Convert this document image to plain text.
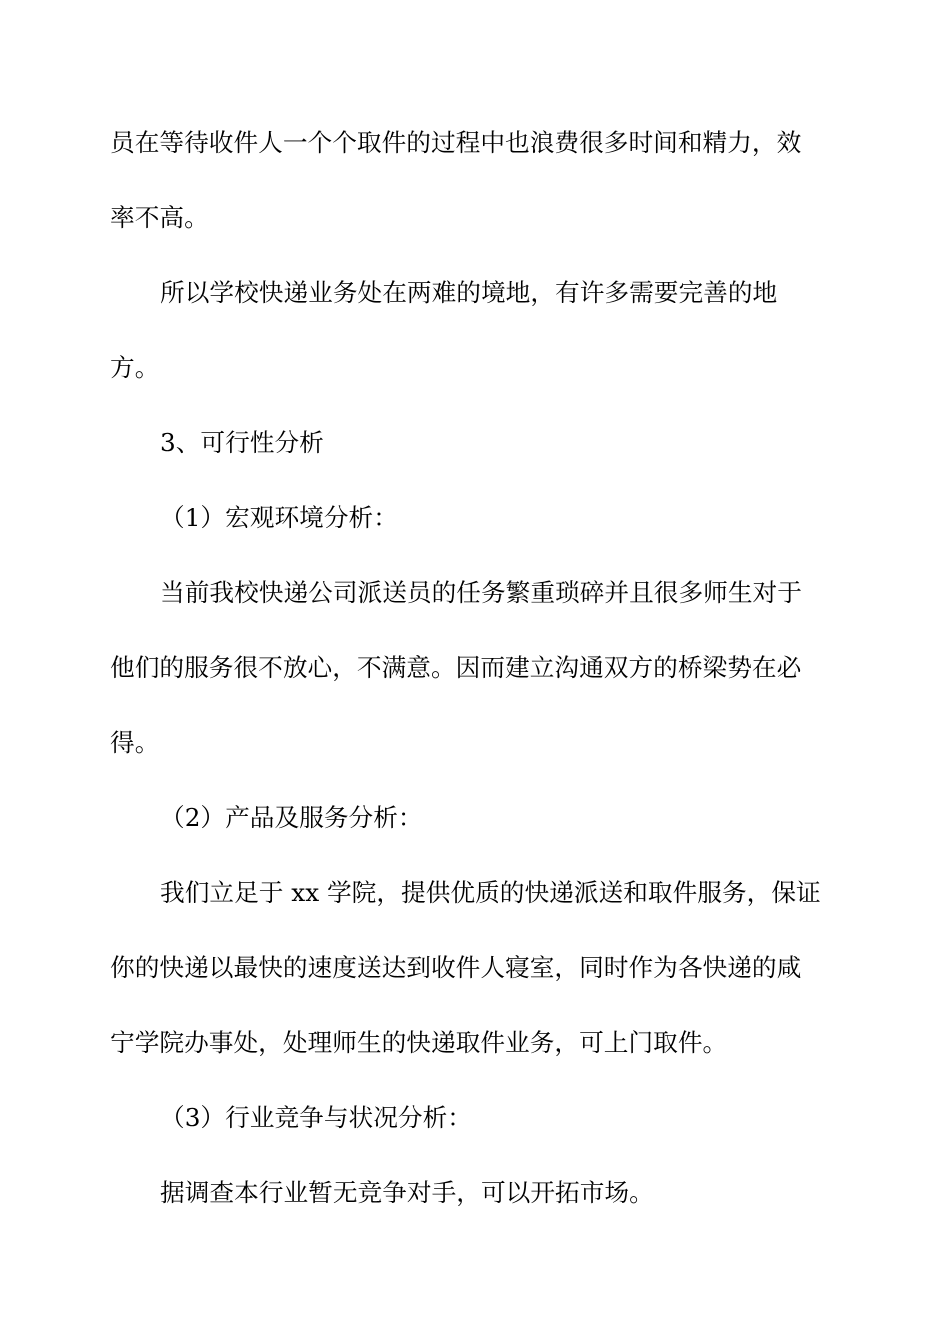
员在等待收件人一个个取件的过程中也浪费很多时间和精力，效
率不高。
所以学校快递业务处在两难的境地，有许多需要完善的地
方。
3、可行性分析
（1）宏观环境分析：
当前我校快递公司派送员的任务繁重琐碎并且很多师生对于
他们的服务很不放心，不满意。因而建立沟通双方的桥梁势在必
得。
（2）产品及服务分析：
我们立足于 xx 学院，提供优质的快递派送和取件服务，保证
你的快递以最快的速度送达到收件人寝室，同时作为各快递的咸
宁学院办事处，处理师生的快递取件业务，可上门取件。
（3）行业竞争与状况分析：
据调查本行业暂无竞争对手，可以开拓市场。
